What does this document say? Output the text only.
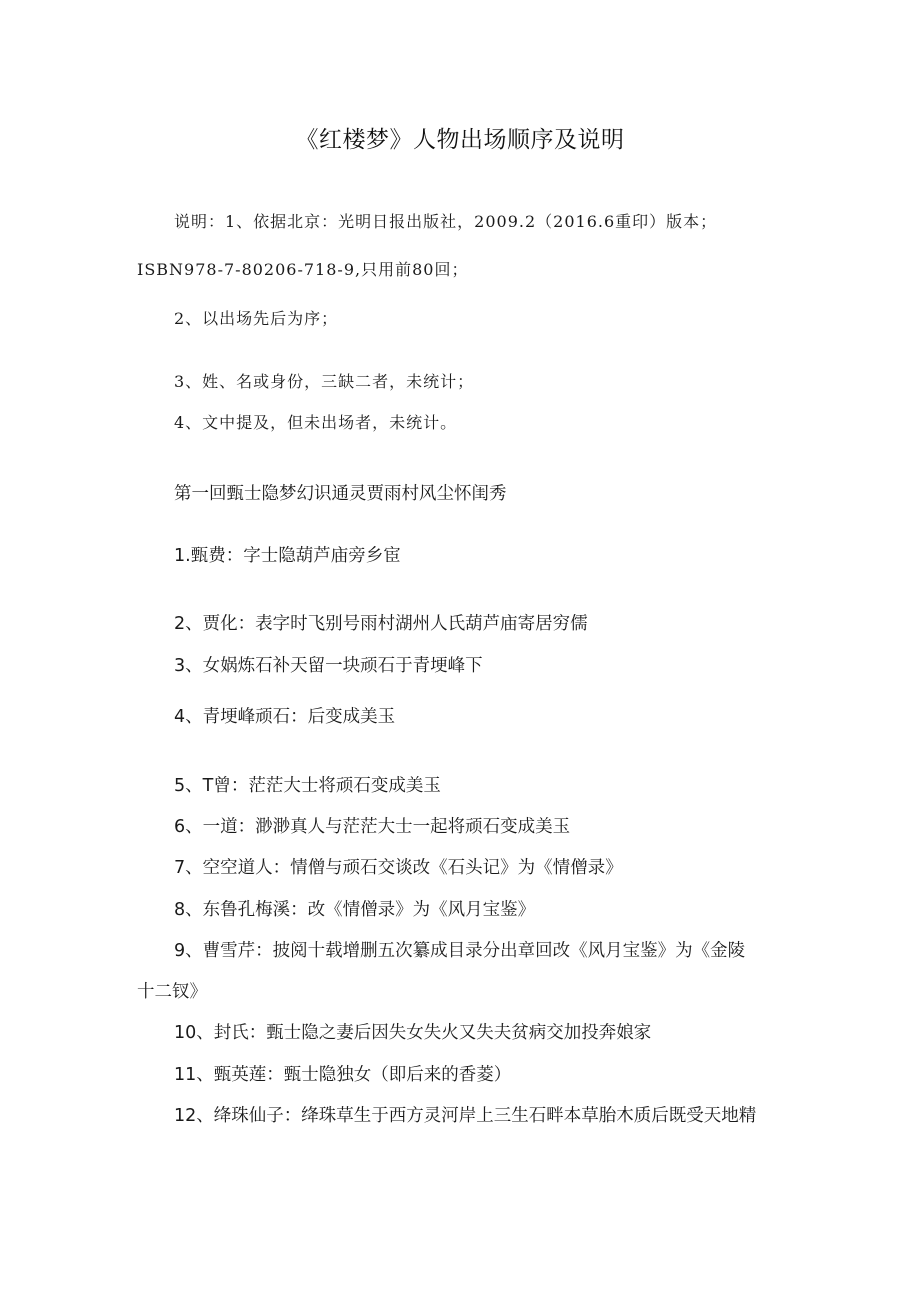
《红楼梦》人物出场顺序及说明
说明：1、依据北京：光明日报出版社，2009.2（2016.6重印）版本；
ISBN978-7-80206-718-9,只用前80回；
2、以出场先后为序；
3、姓、名或身份，三缺二者，未统计；
4、文中提及，但未出场者，未统计。
第一回甄士隐梦幻识通灵贾雨村风尘怀闺秀
1.甄费：字士隐葫芦庙旁乡宦
2、贾化：表字时飞别号雨村湖州人氏葫芦庙寄居穷儒
3、女娲炼石补天留一块顽石于青埂峰下
4、青埂峰顽石：后变成美玉
5、T曾：茫茫大士将顽石变成美玉
6、一道：渺渺真人与茫茫大士一起将顽石变成美玉
7、空空道人：情僧与顽石交谈改《石头记》为《情僧录》
8、东鲁孔梅溪：改《情僧录》为《风月宝鉴》
9、曹雪芹：披阅十载增删五次纂成目录分出章回改《风月宝鉴》为《金陵
十二钗》
10、封氏：甄士隐之妻后因失女失火又失夫贫病交加投奔娘家
11、甄英莲：甄士隐独女（即后来的香菱）
12、绛珠仙子：绛珠草生于西方灵河岸上三生石畔本草胎木质后既受天地精
